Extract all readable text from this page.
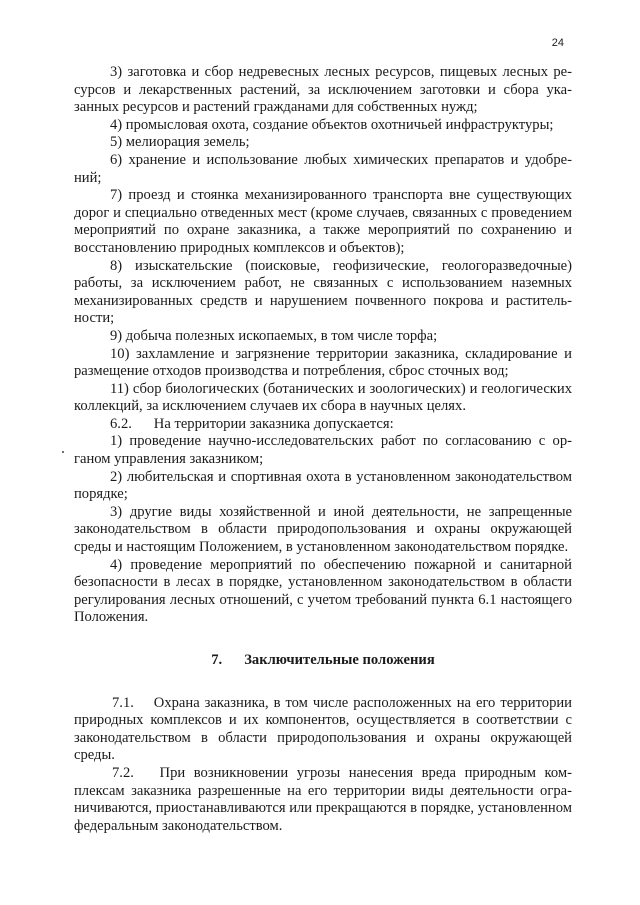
24

3) заготовка и сбор недревесных лесных ресурсов, пищевых лесных ресурсов и лекарственных растений, за исключением заготовки и сбора указанных ресурсов и растений гражданами для собственных нужд;

4) промысловая охота, создание объектов охотничьей инфраструктуры;

5) мелиорация земель;

6) хранение и использование любых химических препаратов и удобрений;

7) проезд и стоянка механизированного транспорта вне существующих дорог и специально отведенных мест (кроме случаев, связанных с проведением мероприятий по охране заказника, а также мероприятий по сохранению и восстановлению природных комплексов и объектов);

8) изыскательские (поисковые, геофизические, геологоразведочные) работы, за исключением работ, не связанных с использованием наземных механизированных средств и нарушением почвенного покрова и растительности;

9) добыча полезных ископаемых, в том числе торфа;

10) захламление и загрязнение территории заказника, складирование и размещение отходов производства и потребления, сброс сточных вод;

11) сбор биологических (ботанических и зоологических) и геологических коллекций, за исключением случаев их сбора в научных целях.

6.2.      На территории заказника допускается:

1) проведение научно-исследовательских работ по согласованию с органом управления заказником;

2) любительская и спортивная охота в установленном законодательством порядке;

3) другие виды хозяйственной и иной деятельности, не запрещенные законодательством в области природопользования и охраны окружающей среды и настоящим Положением, в установленном законодательством порядке.

4) проведение мероприятий по обеспечению пожарной и санитарной безопасности в лесах в порядке, установленном законодательством в области регулирования лесных отношений, с учетом требований пункта 6.1 настоящего Положения.

7. Заключительные положения

7.1.    Охрана заказника, в том числе расположенных на его территории природных комплексов и их компонентов, осуществляется в соответствии с законодательством в области природопользования и охраны окружающей среды.

7.2.   При возникновении угрозы нанесения вреда природным комплексам заказника разрешенные на его территории виды деятельности ограничиваются, приостанавливаются или прекращаются в порядке, установленном федеральным законодательством.
